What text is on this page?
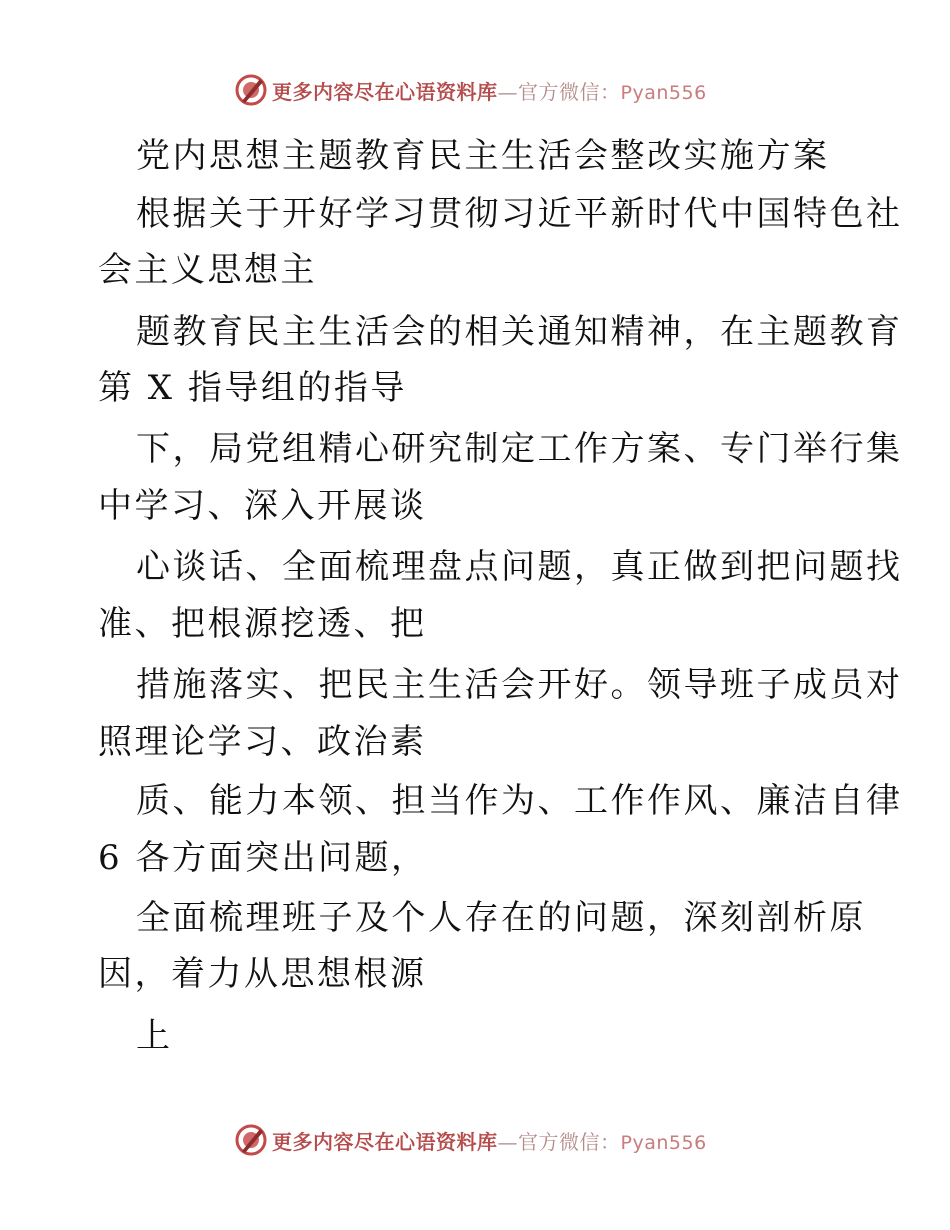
更多内容尽在心语资料库—官方微信：Pyan556
党内思想主题教育民主生活会整改实施方案
根据关于开好学习贯彻习近平新时代中国特色社
会主义思想主
题教育民主生活会的相关通知精神，在主题教育
第 X 指导组的指导
下，局党组精心研究制定工作方案、专门举行集
中学习、深入开展谈
心谈话、全面梳理盘点问题，真正做到把问题找
准、把根源挖透、把
措施落实、把民主生活会开好。领导班子成员对
照理论学习、政治素
质、能力本领、担当作为、工作作风、廉洁自律
6 各方面突出问题，
全面梳理班子及个人存在的问题，深刻剖析原
因，着力从思想根源
上
更多内容尽在心语资料库—官方微信：Pyan556
